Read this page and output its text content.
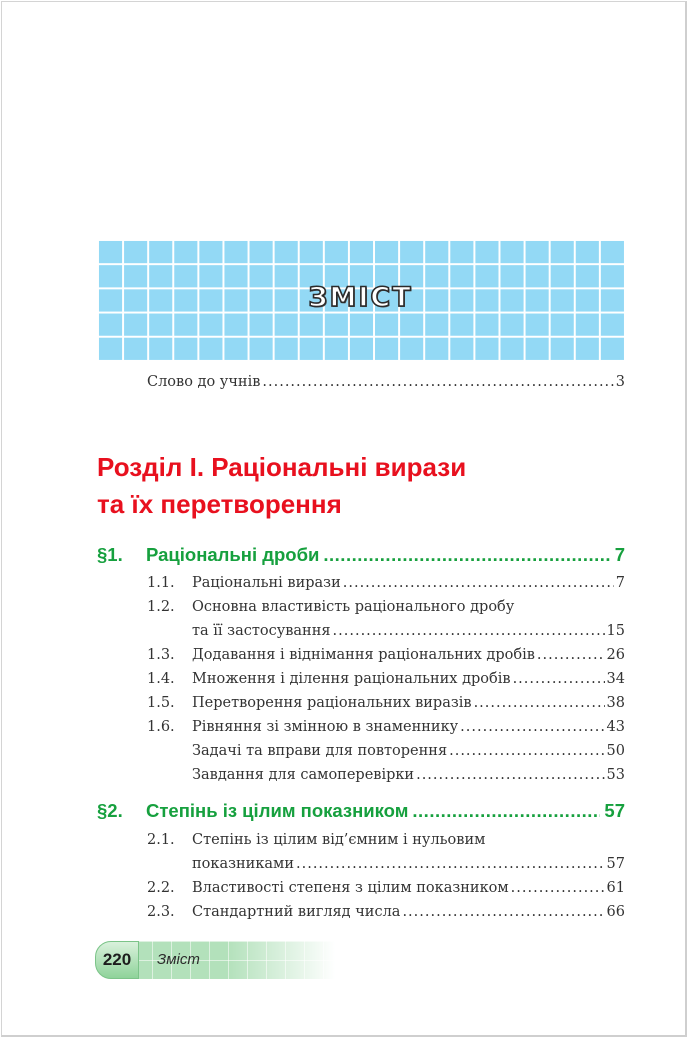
ЗМІСТ
Слово до учнів .....	3
Розділ І. Раціональні вирази
та їх перетворення
§1.	Раціональні дроби .....	7
1.1.	Раціональні вирази .....	7
1.2.	Основна властивість раціонального дробу
та її застосування .....	15
1.3.	Додавання і віднімання раціональних дробів .....	26
1.4.	Множення і ділення раціональних дробів .....	34
1.5.	Перетворення раціональних виразів .....	38
1.6.	Рівняння зі змінною в знаменнику .....	43
Задачі та вправи для повторення .....	50
Завдання для самоперевірки .....	53
§2.	Степінь із цілим показником .....	57
2.1.	Степінь із цілим від’ємним і нульовим
показниками .....	57
2.2.	Властивості степеня з цілим показником .....	61
2.3.	Стандартний вигляд числа .....	66
220	Зміст
